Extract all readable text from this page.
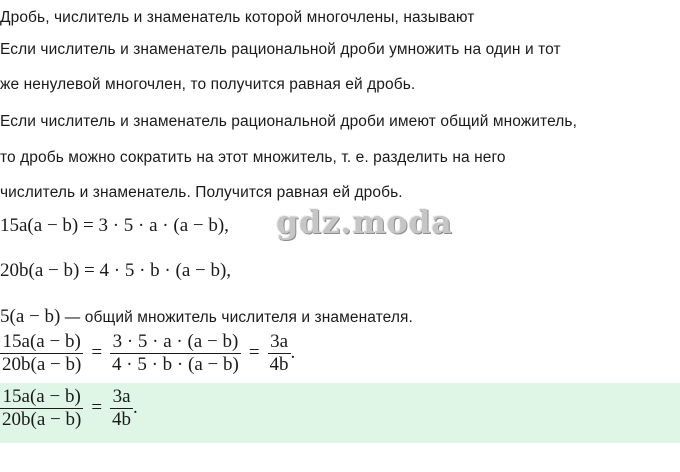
Дробь, числитель и знаменатель которой многочлены, называют
Если числитель и знаменатель рациональной дроби умножить на один и тот
же ненулевой многочлен, то получится равная ей дробь.
Если числитель и знаменатель рациональной дроби имеют общий множитель,
то дробь можно сократить на этот множитель, т. е. разделить на него
числитель и знаменатель. Получится равная ей дробь.
15a(a − b) = 3 · 5 · a · (a − b), gdz.moda
20b(a − b) = 4 · 5 · b · (a − b),
5(a − b) — общий множитель числителя и знаменателя.
$\frac{15a(a - b)}{20b(a - b)} = \frac{3 \cdot 5 \cdot a \cdot (a - b)}{4 \cdot 5 \cdot b \cdot (a - b)} = \frac{3a}{4b}$ .
$\frac{15a(a - b)}{20b(a - b)} = \frac{3a}{4b}$ .
